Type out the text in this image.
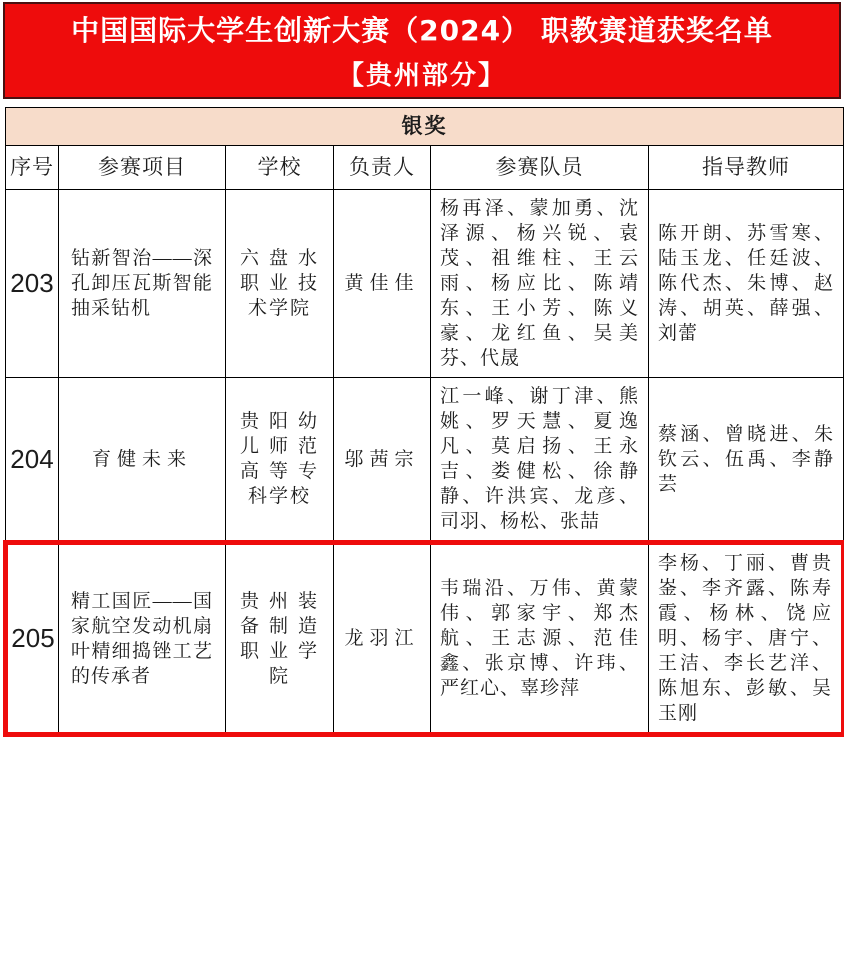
中国国际大学生创新大赛（2024） 职教赛道获奖名单
【贵州部分】
银奖					
序号	参赛项目	学校	负责人	参赛队员	指导教师
203	钻新智治——深孔卸压瓦斯智能抽采钻机	六盘水职业技术学院	黄佳佳	杨再泽、蒙加勇、沈泽源、杨兴锐、袁茂、祖维柱、王云雨、杨应比、陈靖东、王小芳、陈义豪、龙红鱼、吴美芬、代晟	陈开朗、苏雪寒、陆玉龙、任廷波、陈代杰、朱博、赵涛、胡英、薛强、刘蕾
204	育健未来	贵阳幼儿师范高等专科学校	邬茜宗	江一峰、谢丁津、熊姚、罗天慧、夏逸凡、莫启扬、王永吉、娄健松、徐静静、许洪宾、龙彦、司羽、杨松、张喆	蔡涵、曾晓进、朱钦云、伍禹、李静芸
205	精工国匠——国家航空发动机扇叶精细捣锉工艺的传承者	贵州装备制造职业学院	龙羽江	韦瑞沿、万伟、黄蒙伟、郭家宇、郑杰航、王志源、范佳鑫、张京博、许玮、严红心、辜珍萍	李杨、丁丽、曹贵崟、李齐露、陈寿霞、杨林、饶应明、杨宇、唐宁、王洁、李长艺洋、陈旭东、彭敏、吴玉刚
